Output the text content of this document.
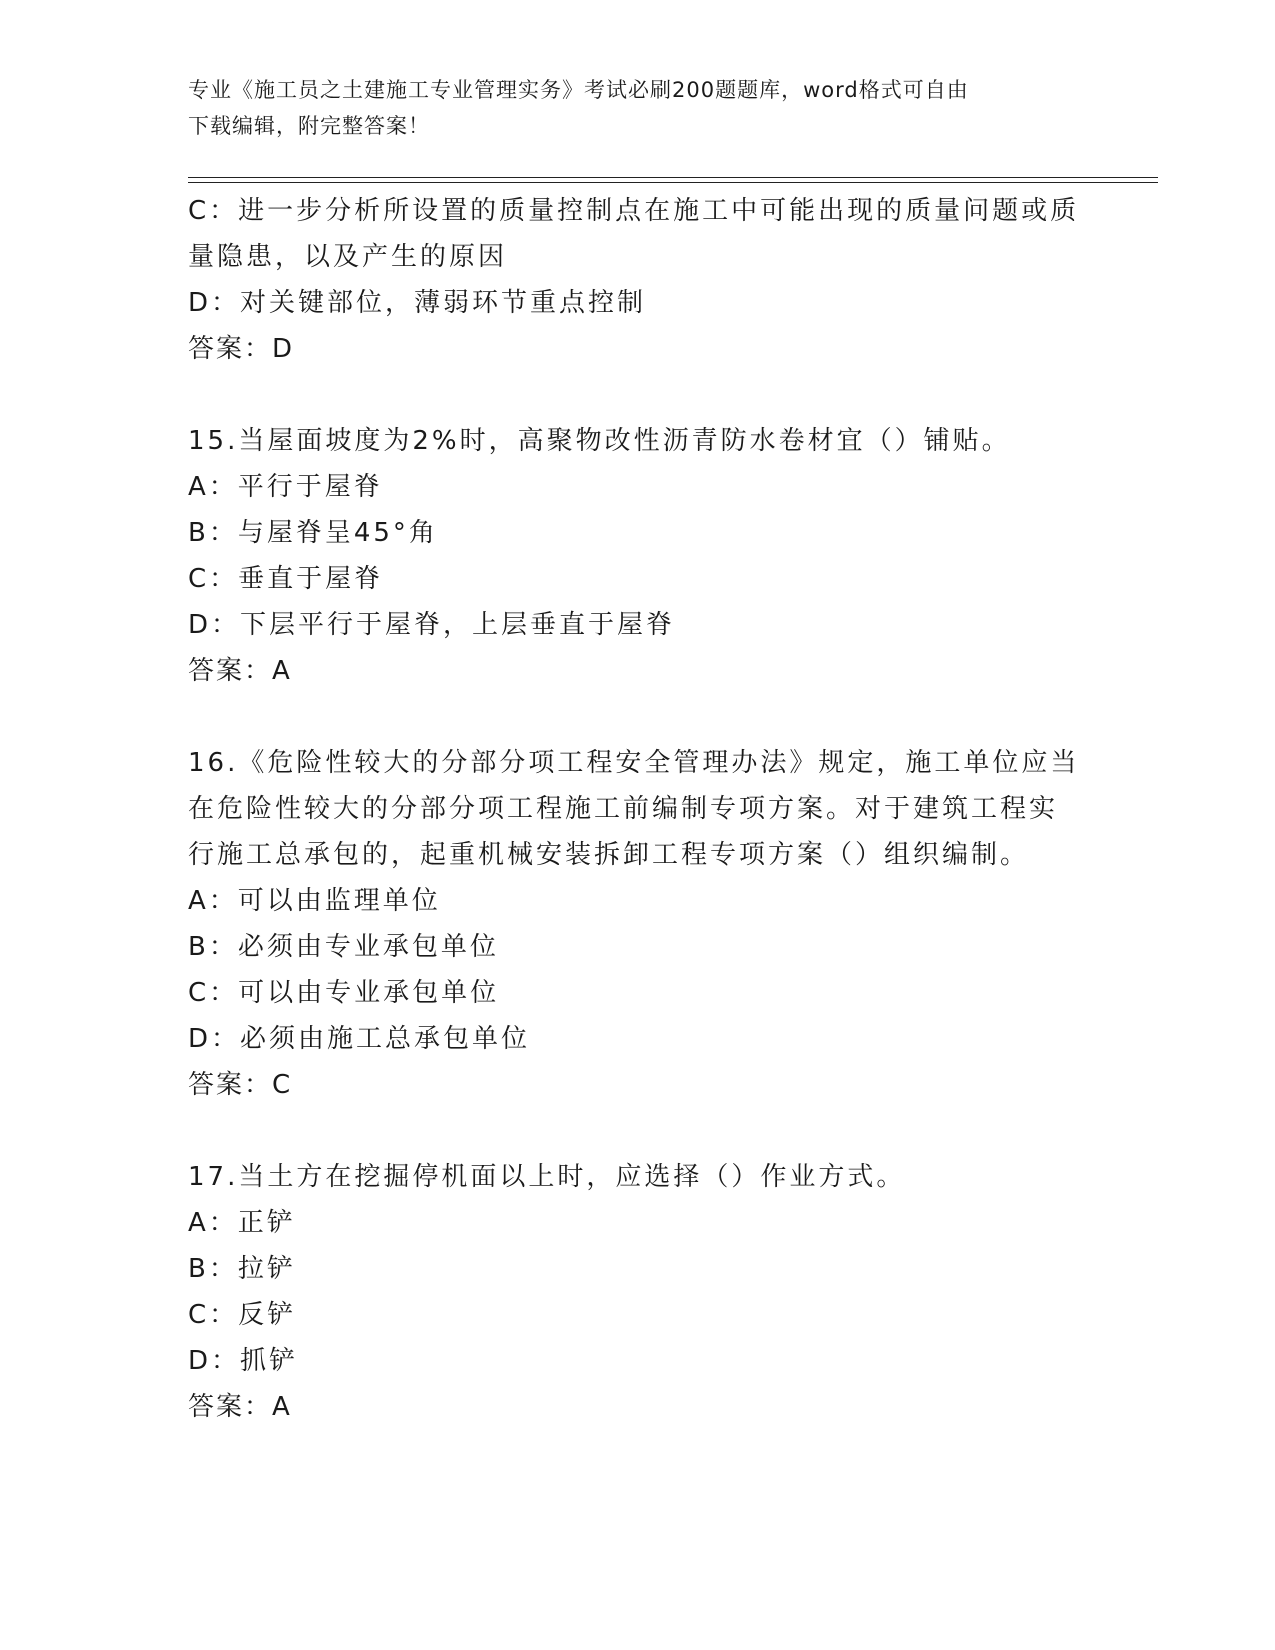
专业《施工员之土建施工专业管理实务》考试必刷200题题库，word格式可自由
下载编辑，附完整答案！
C：进一步分析所设置的质量控制点在施工中可能出现的质量问题或质
量隐患，以及产生的原因
D：对关键部位，薄弱环节重点控制
答案：D
15.当屋面坡度为2%时，高聚物改性沥青防水卷材宜（）铺贴。
A：平行于屋脊
B：与屋脊呈45°角
C：垂直于屋脊
D：下层平行于屋脊，上层垂直于屋脊
答案：A
16.《危险性较大的分部分项工程安全管理办法》规定，施工单位应当
在危险性较大的分部分项工程施工前编制专项方案。对于建筑工程实
行施工总承包的，起重机械安装拆卸工程专项方案（）组织编制。
A：可以由监理单位
B：必须由专业承包单位
C：可以由专业承包单位
D：必须由施工总承包单位
答案：C
17.当土方在挖掘停机面以上时，应选择（）作业方式。
A：正铲
B：拉铲
C：反铲
D：抓铲
答案：A
